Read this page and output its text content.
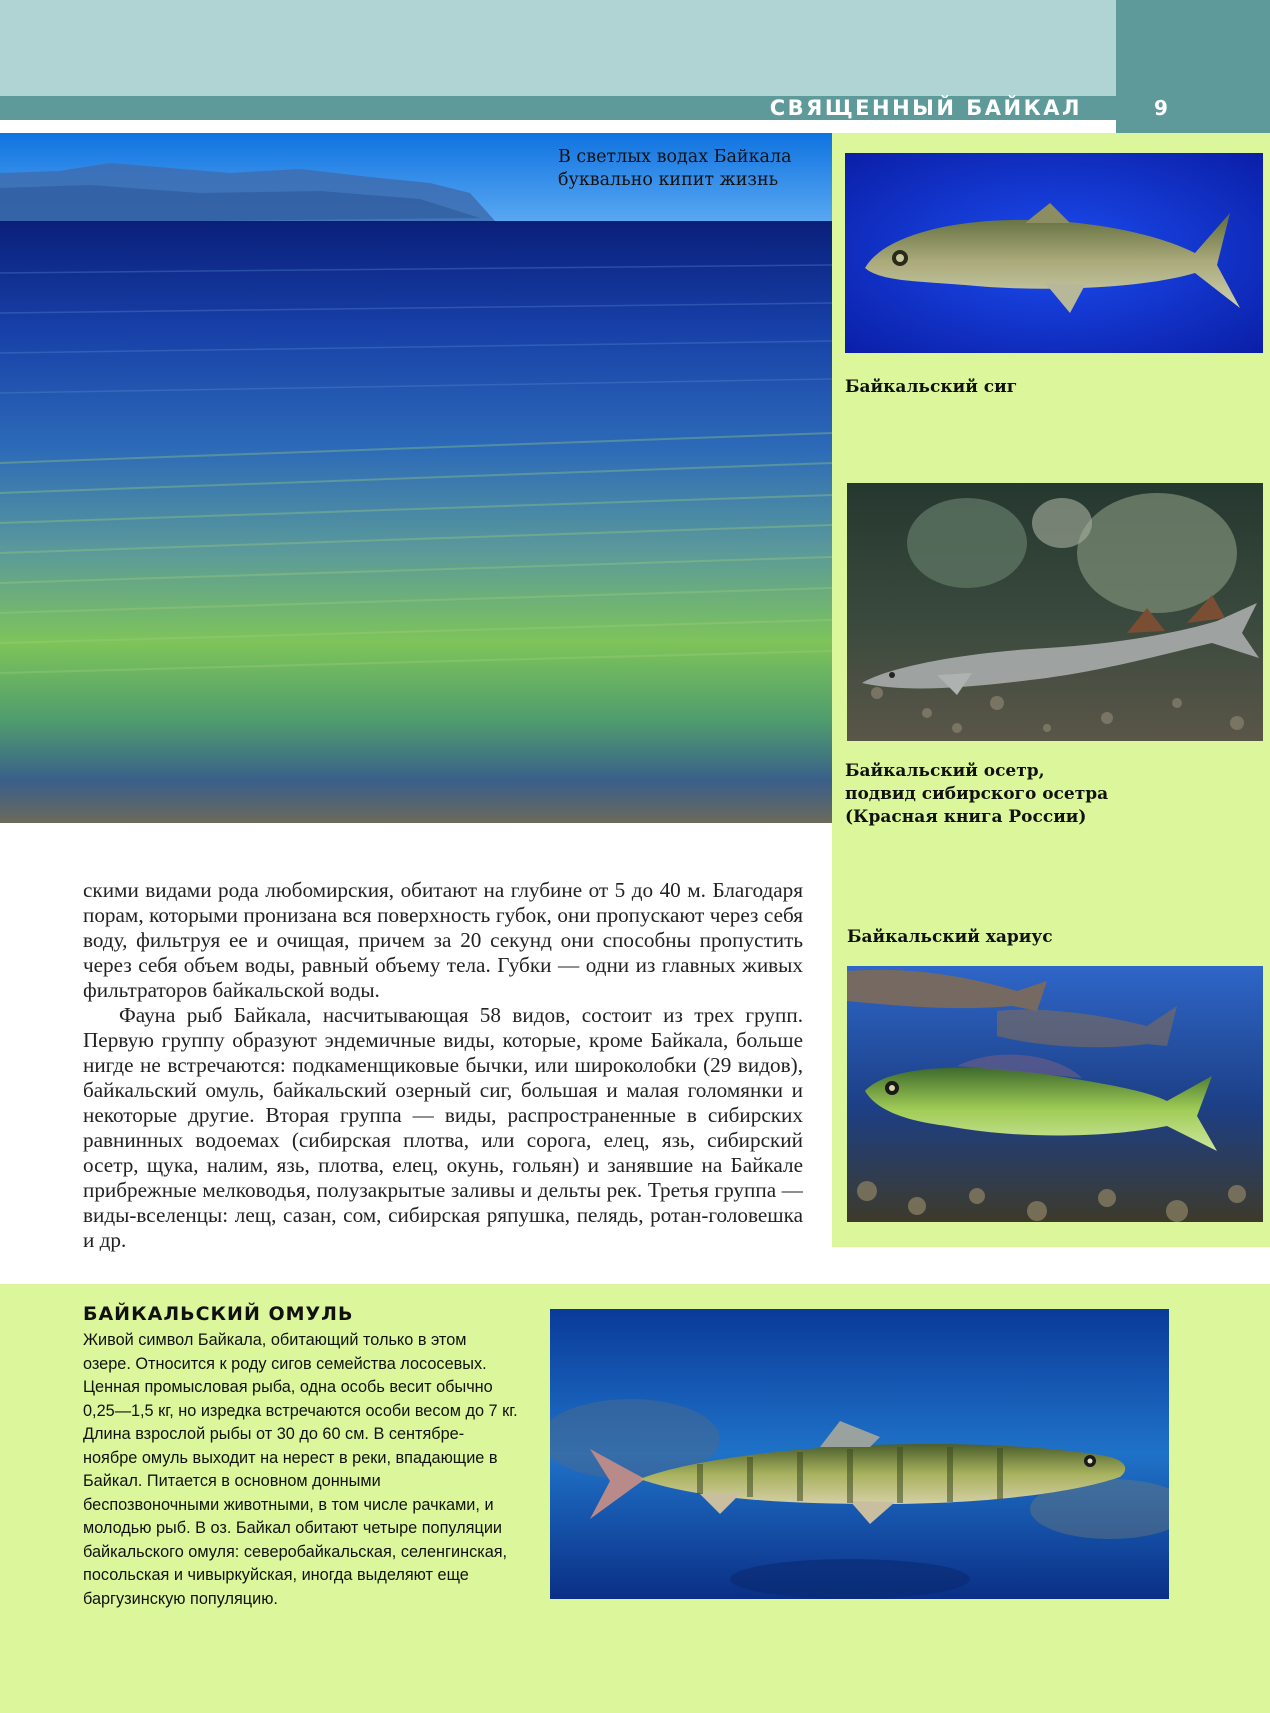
СВЯЩЕННЫЙ БАЙКАЛ	9
В светлых водах Байкала
буквально кипит жизнь
Байкальский сиг
Байкальский осетр,
подвид сибирского осетра
(Красная книга России)
Байкальский хариус

скими видами рода любомирския, обитают на глубине от 5 до 40 м. Благодаря порам, которыми пронизана вся поверхность губок, они пропускают через себя воду, фильтруя ее и очищая, причем за 20 секунд они способны пропустить через себя объем воды, равный объему тела. Губки — одни из главных живых фильтраторов байкальской воды.

Фауна рыб Байкала, насчитывающая 58 видов, состоит из трех групп. Первую группу образуют эндемичные виды, которые, кроме Байкала, больше нигде не встречаются: подкаменщиковые бычки, или широколобки (29 видов), байкальский омуль, байкальский озерный сиг, большая и малая голомянки и некоторые другие. Вторая группа — виды, распространенные в сибирских равнинных водоемах (сибирская плотва, или сорога, елец, язь, сибирский осетр, щука, налим, язь, плотва, елец, окунь, гольян) и занявшие на Байкале прибрежные мелководья, полузакрытые заливы и дельты рек. Третья группа — виды-вселенцы: лещ, сазан, сом, сибирская ряпушка, пелядь, ротан-головешка и др.

БАЙКАЛЬСКИЙ ОМУЛЬ
Живой символ Байкала, обитающий только в этом озере. Относится к роду сигов семейства лососевых. Ценная промысловая рыба, одна особь весит обычно 0,25—1,5 кг, но изредка встречаются особи весом до 7 кг. Длина взрослой рыбы от 30 до 60 см. В сентябре-ноябре омуль выходит на нерест в реки, впадающие в Байкал. Питается в основном донными беспозвоночными животными, в том числе рачками, и молодью рыб. В оз. Байкал обитают четыре популяции байкальского омуля: северобайкальская, селенгинская, посольская и чивыркуйская, иногда выделяют еще баргузинскую популяцию.
